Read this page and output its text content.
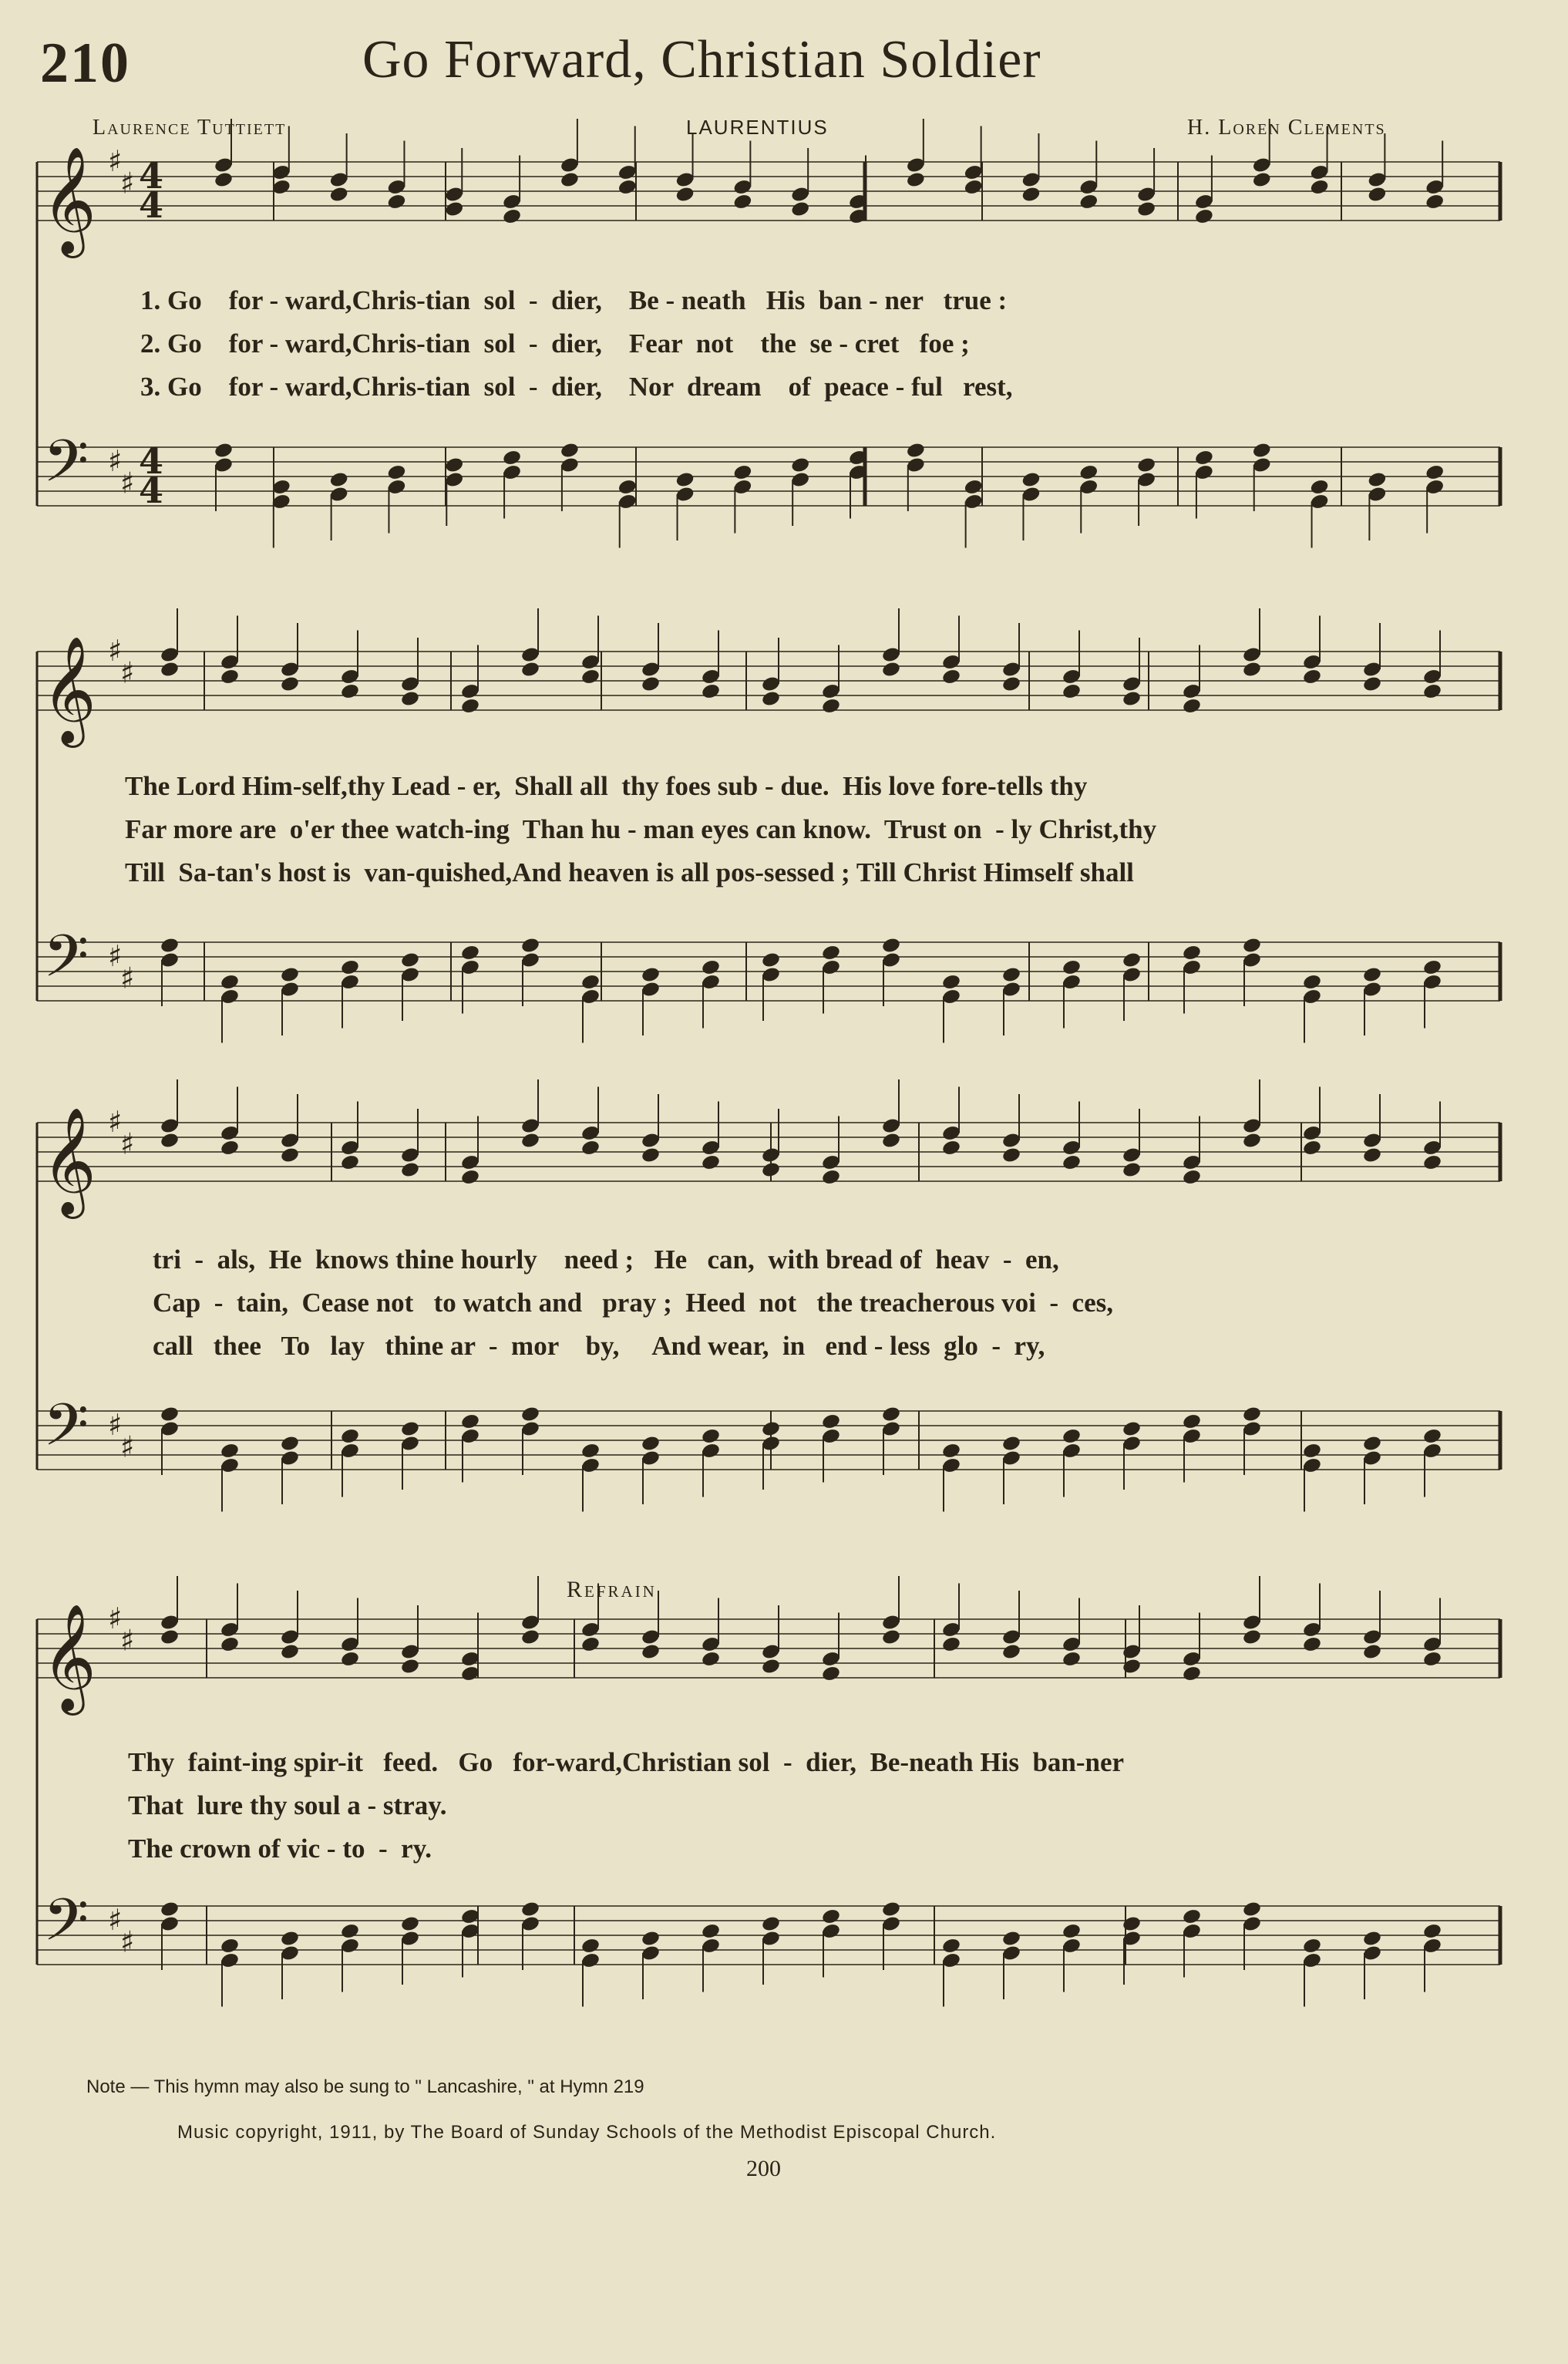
210	Go Forward, Christian Soldier
Laurence Tuttiett	LAURENTIUS	H. Loren Clements
𝄞
𝄢
♯
♯
♯
♯
4
4
4
4
𝄞
𝄢
♯
♯
♯
♯
𝄞
𝄢
♯
♯
♯
♯
𝄞
𝄢
♯
♯
♯
♯
1. Go    for - ward,Chris-tian  sol  -  dier,    Be - neath   His  ban - ner   true :
2. Go    for - ward,Chris-tian  sol  -  dier,    Fear  not    the  se - cret   foe ;
3. Go    for - ward,Chris-tian  sol  -  dier,    Nor  dream    of  peace - ful   rest,
The Lord Him-self,thy Lead - er,  Shall all  thy foes sub - due.  His love fore-tells thy
Far more are  o'er thee watch-ing  Than hu - man eyes can know.  Trust on  - ly Christ,thy
Till  Sa-tan's host is  van-quished,And heaven is all pos-sessed ; Till Christ Himself shall
tri  -  als,  He  knows thine hourly    need ;   He   can,  with bread of  heav  -  en,
Cap  -  tain,  Cease not   to watch and   pray ;  Heed  not   the treacherous voi  -  ces,
call   thee   To   lay   thine ar  -  mor    by,     And wear,  in   end - less  glo  -  ry,
Refrain
Thy  faint-ing spir-it   feed.   Go   for-ward,Christian sol  -  dier,  Be-neath His  ban-ner
That  lure thy soul a - stray.
The crown of vic - to  -  ry.
Note — This hymn may also be sung to " Lancashire, " at Hymn 219
Music copyright, 1911, by The Board of Sunday Schools of the Methodist Episcopal Church.
200
